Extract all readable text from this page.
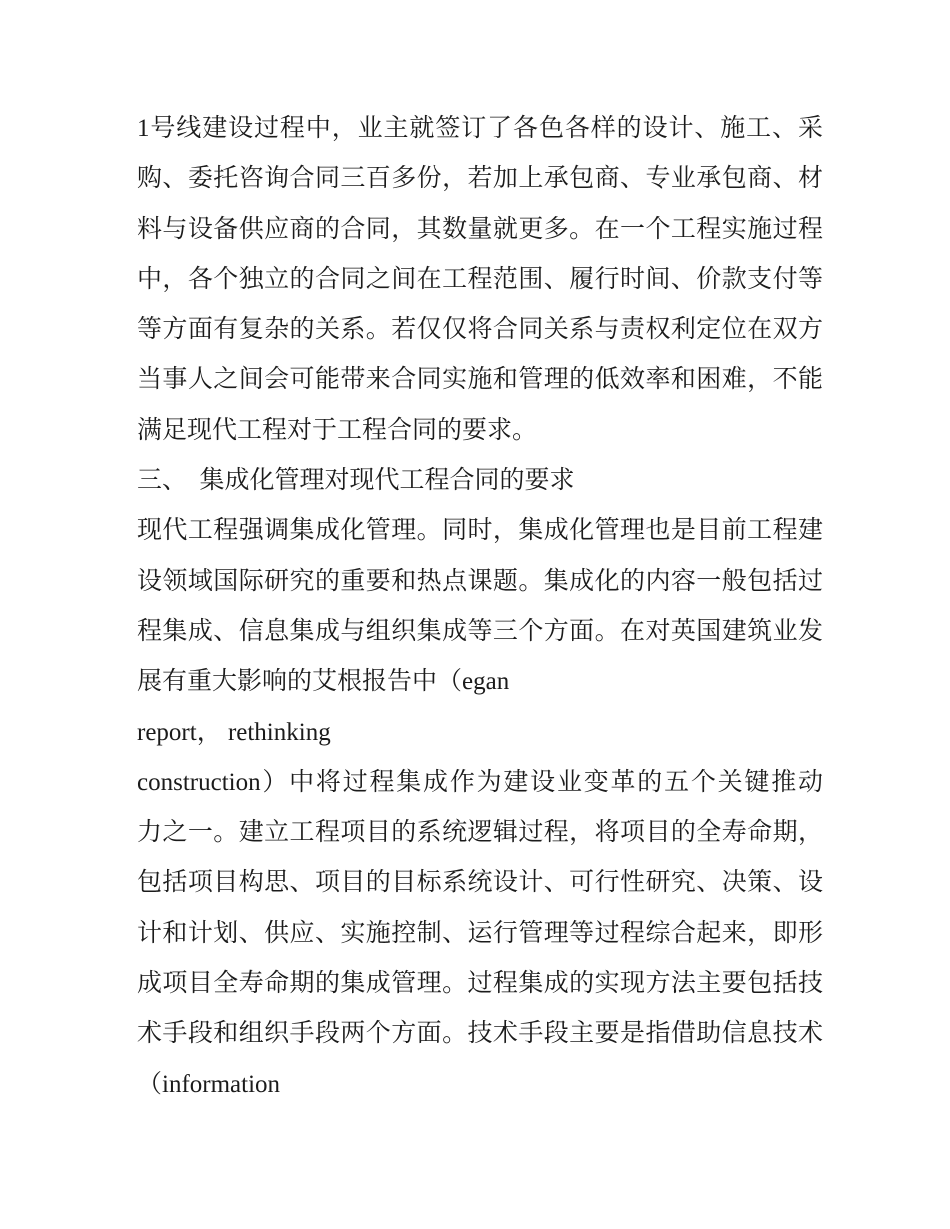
1号线建设过程中，业主就签订了各色各样的设计、施工、采
购、委托咨询合同三百多份，若加上承包商、专业承包商、材
料与设备供应商的合同，其数量就更多。在一个工程实施过程
中，各个独立的合同之间在工程范围、履行时间、价款支付等
等方面有复杂的关系。若仅仅将合同关系与责权利定位在双方
当事人之间会可能带来合同实施和管理的低效率和困难，不能
满足现代工程对于工程合同的要求。
三、　集成化管理对现代工程合同的要求
现代工程强调集成化管理。同时，集成化管理也是目前工程建
设领域国际研究的重要和热点课题。集成化的内容一般包括过
程集成、信息集成与组织集成等三个方面。在对英国建筑业发
展有重大影响的艾根报告中（egan
report， rethinking
construction）中将过程集成作为建设业变革的五个关键推动
力之一。建立工程项目的系统逻辑过程，将项目的全寿命期，
包括项目构思、项目的目标系统设计、可行性研究、决策、设
计和计划、供应、实施控制、运行管理等过程综合起来，即形
成项目全寿命期的集成管理。过程集成的实现方法主要包括技
术手段和组织手段两个方面。技术手段主要是指借助信息技术
（information
